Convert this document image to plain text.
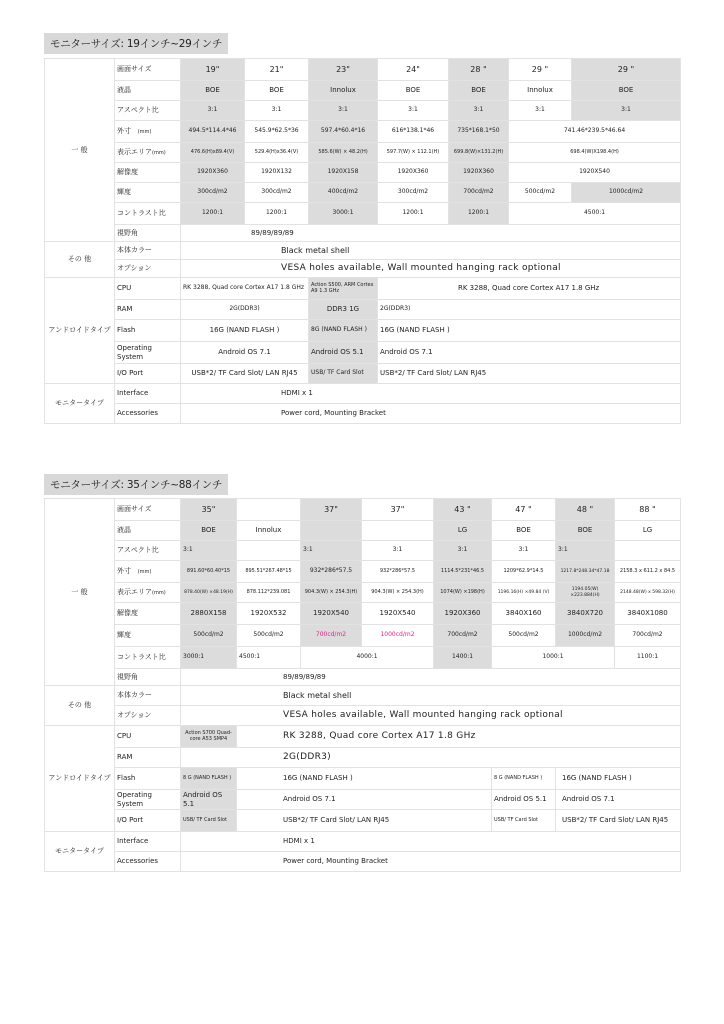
モニターサイズ: 19インチ~29インチ
一 般	画面サイズ	19"	21"	23"	24"	28 "	29 "	29 "
	液晶	BOE	BOE	Innolux	BOE	BOE	Innolux	BOE
	アスペクト比	3:1	3:1	3:1	3:1	3:1	3:1	3:1
	外寸 (mm)	494.5*114.4*46	545.9*62.5*36	597.4*60.4*16	616*138.1*46	735*168.1*50	741.46*239.5*46.64	
	表示エリア(mm)	476.6(H)x89.4(V)	529.4(H)x36.4(V)	585.6(W) × 48.2(H)	597.7(W) × 112.1(H)	699.8(W)×131.2(H)	698.4(W)X198.4(H)	
	解像度	1920X360	1920X132	1920X158	1920X360	1920X360	1920X540	
	輝度	300cd/m2	300cd/m2	400cd/m2	300cd/m2	700cd/m2	500cd/m2	1000cd/m2
	コントラスト比	1200:1	1200:1	3000:1	1200:1	1200:1	4500:1	
	視野角	89/89/89/89						
その 他	本体カラー	Black metal shell						
	オプション	VESA holes available, Wall mounted hanging rack optional						
アンドロイドタイプ	CPU	RK 3288, Quad core Cortex A17 1.8 GHz		Action S500, ARM Cortex A9 1.3 GHz	RK 3288, Quad core Cortex A17 1.8 GHz			
	RAM	2G(DDR3)		DDR3 1G	2G(DDR3)			
	Flash	16G (NAND FLASH )		8G (NAND FLASH )	16G (NAND FLASH )			
	Operating System	Android OS 7.1		Android OS 5.1	Android OS 7.1			
	I/O Port	USB*2/ TF Card Slot/ LAN RJ45		USB/ TF Card Slot	USB*2/ TF Card Slot/ LAN RJ45			
モニタータイプ	Interface	HDMI x 1						
	Accessories	Power cord, Mounting Bracket						
モニターサイズ: 35インチ~88インチ
一 般	画面サイズ	35"		37"	37"	43 "	47 "	48 "	88 "
	液晶	BOE	Innolux			LG	BOE	BOE	LG
	アスペクト比	3:1		3:1	3:1	3:1	3:1	3:1	
	外寸 (mm)	891.60*60.40*15	895.51*267.48*15	932*286*57.5	932*286*57.5	1114.5*231*46.5	1209*62.9*14.5	1217.8*248.34*47.18	2158.3 x 611.2 x 84.5
	表示エリア(mm)	878.40(W) ×48.19(H)	878.112*239.081	904.3(W) × 254.3(H)	904.3(W) × 254.3(H)	1074(W) ×198(H)	1196.16(H) ×49.84 (V)	1194.05(W) ×223.884(H)	2148.48(W) x 598.32(H)
	解像度	2880X158	1920X532	1920X540	1920X540	1920X360	3840X160	3840X720	3840X1080
	輝度	500cd/m2	500cd/m2	700cd/m2	1000cd/m2	700cd/m2	500cd/m2	1000cd/m2	700cd/m2
	コントラスト比	3000:1	4500:1	4000:1		1400:1	1000:1		1100:1
	視野角	89/89/89/89							
その 他	本体カラー	Black metal shell							
	オプション	VESA holes available, Wall mounted hanging rack optional							
アンドロイドタイプ	CPU	Action S700 Quad-core A53 SMP4	RK 3288, Quad core Cortex A17 1.8 GHz						
	RAM	2G(DDR3)							
	Flash	8 G (NAND FLASH )	16G (NAND FLASH )				8 G (NAND FLASH )	16G (NAND FLASH )	
	Operating System	Android OS 5.1	Android OS 7.1				Android OS 5.1	Android OS 7.1	
	I/O Port	USB/ TF Card Slot	USB*2/ TF Card Slot/ LAN RJ45				USB/ TF Card Slot	USB*2/ TF Card Slot/ LAN RJ45	
モニタータイプ	Interface	HDMI x 1							
	Accessories	Power cord, Mounting Bracket							
